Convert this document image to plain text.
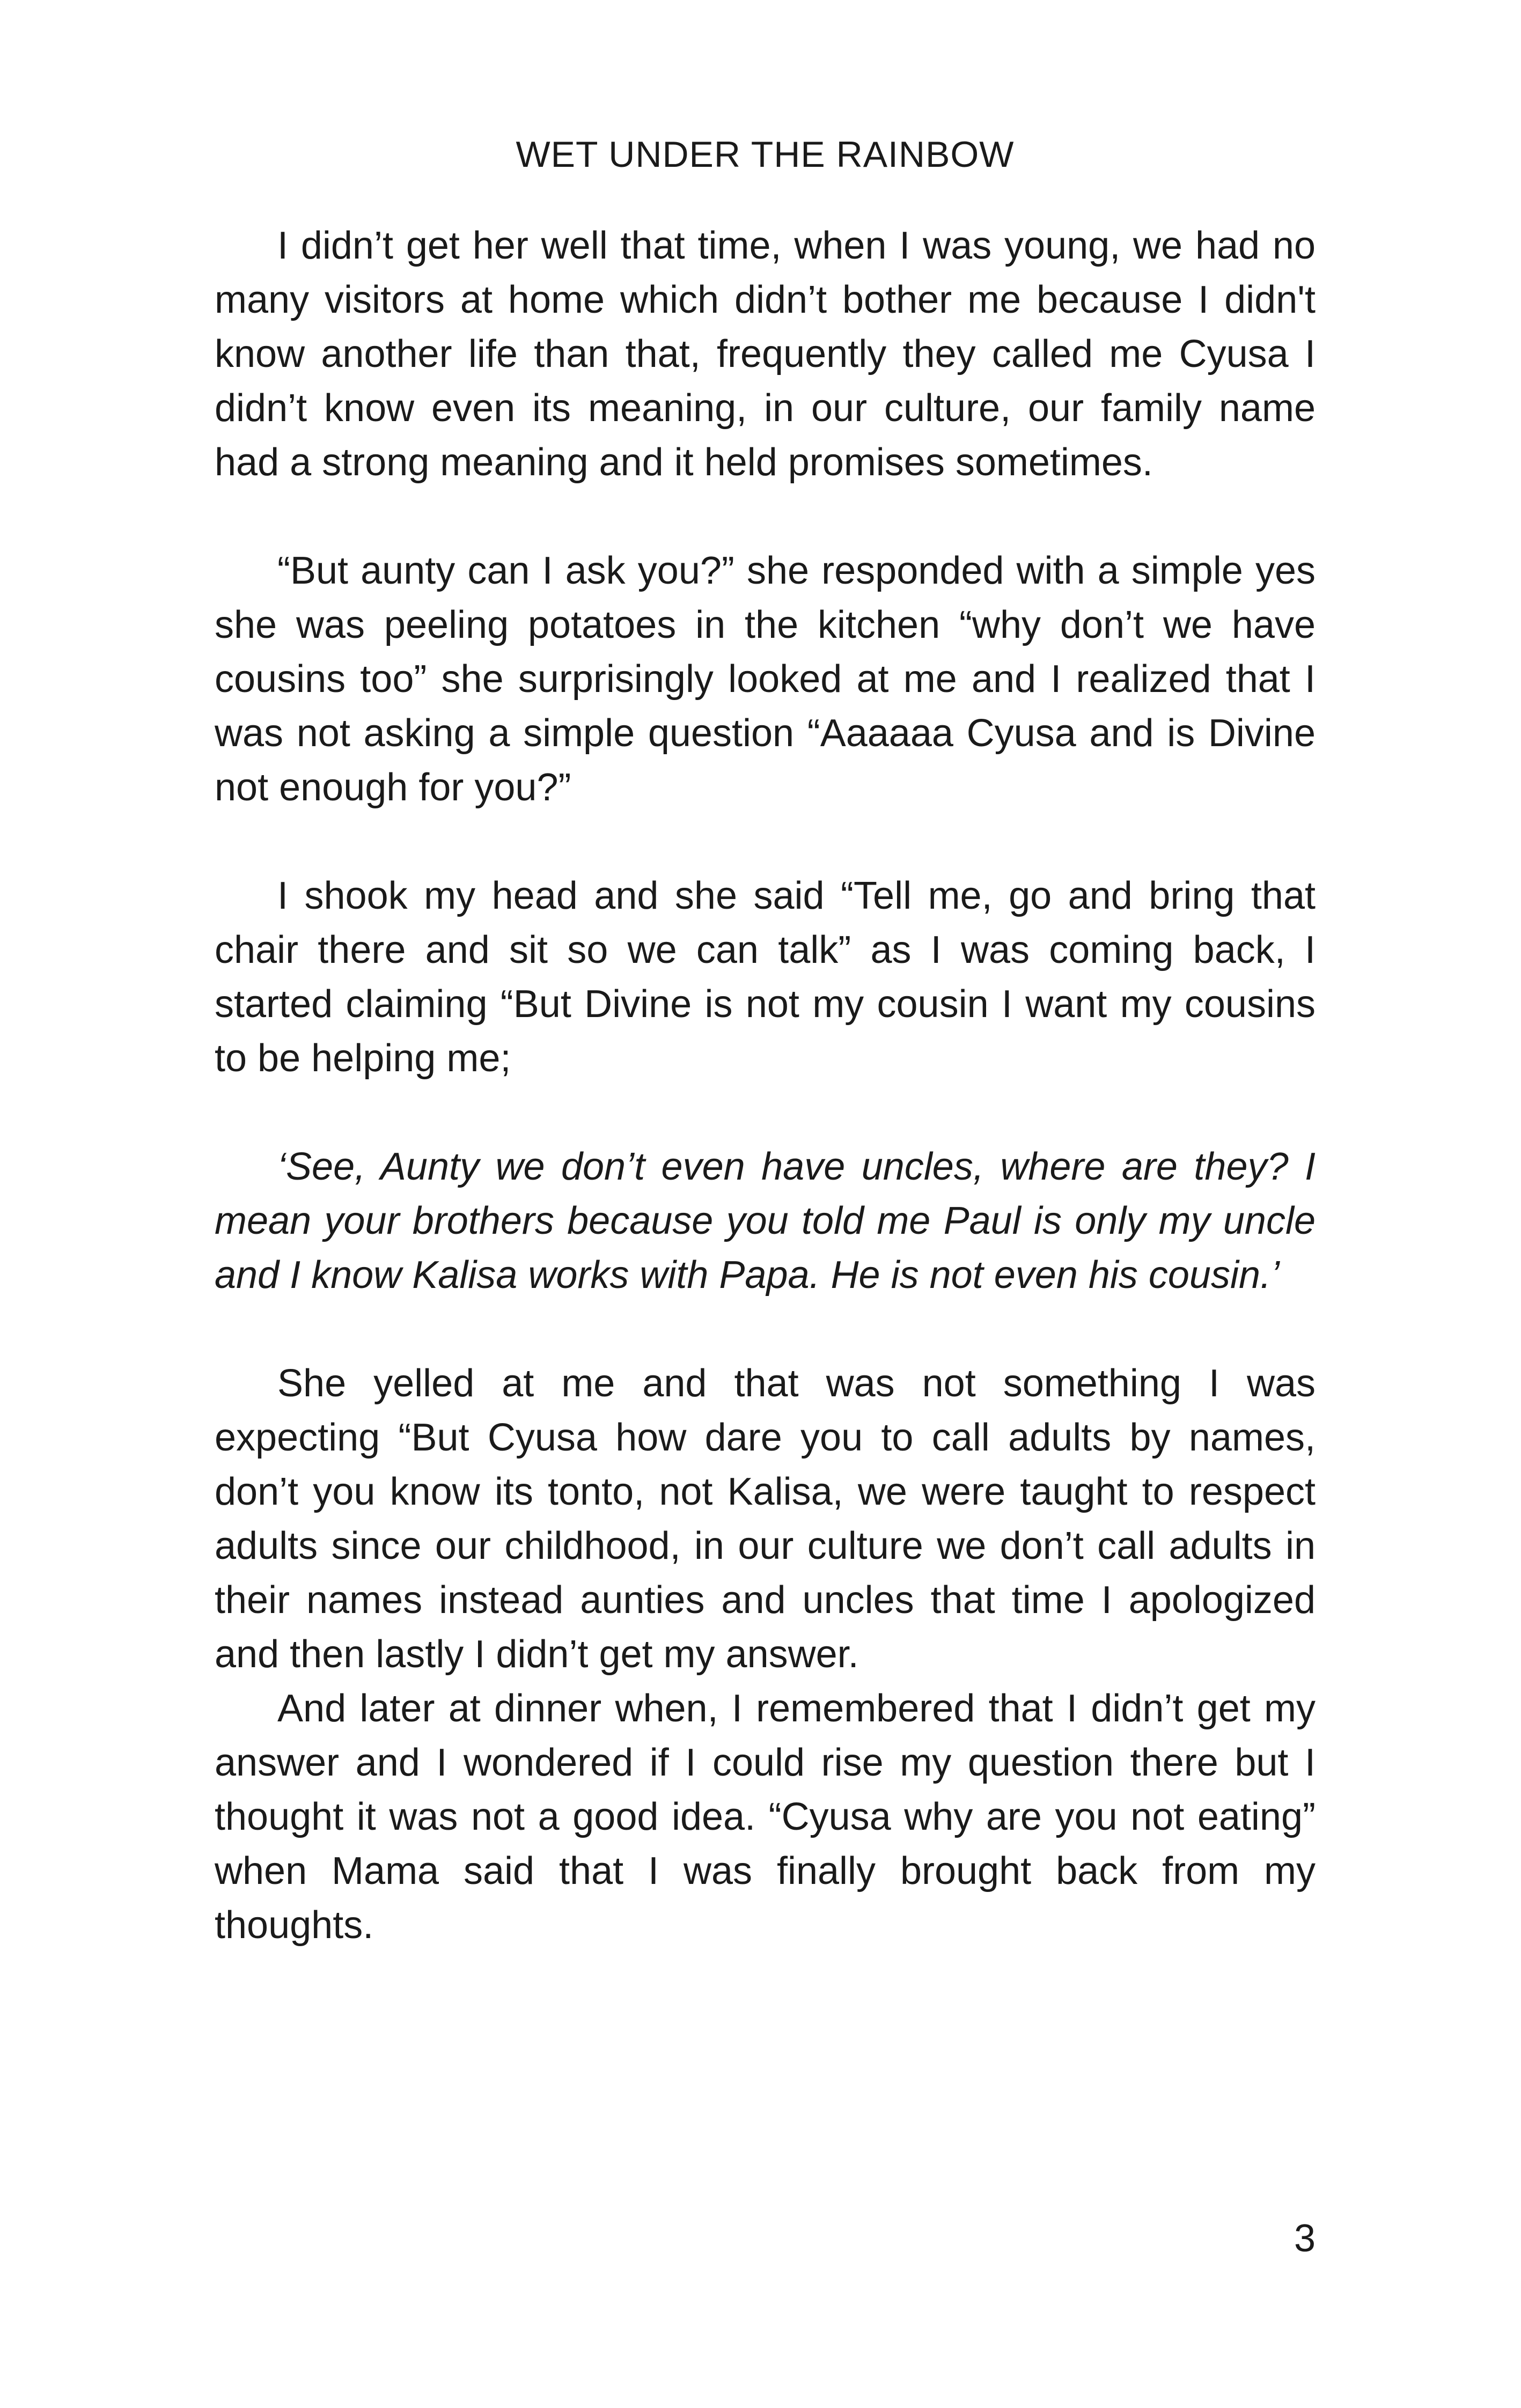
WET UNDER THE RAINBOW

I didn’t get her well that time, when I was young, we had no many visitors at home which didn’t bother me because I didn't know another life than that, frequently they called me Cyusa I didn’t know even its meaning, in our culture, our family name had a strong meaning and it held promises sometimes.

“But aunty can I ask you?” she responded with a simple yes she was peeling potatoes in the kitchen “why don’t we have cousins too” she surprisingly looked at me and I realized that I was not asking a simple question “Aaaaaa Cyusa and is Divine not enough for you?”

I shook my head and she said “Tell me, go and bring that chair there and sit so we can talk” as I was coming back, I started claiming “But Divine is not my cousin I want my cousins to be helping me;

‘See, Aunty we don’t even have uncles, where are they? I mean your brothers because you told me Paul is only my uncle and I know Kalisa works with Papa. He is not even his cousin.’

She yelled at me and that was not something I was expecting “But Cyusa how dare you to call adults by names, don’t you know its tonto, not Kalisa, we were taught to respect adults since our childhood, in our culture we don’t call adults in their names instead aunties and uncles that time I apologized and then lastly I didn’t get my answer.

And later at dinner when, I remembered that I didn’t get my answer and I wondered if I could rise my question there but I thought it was not a good idea. “Cyusa why are you not eating” when Mama said that I was finally brought back from my thoughts.

3
